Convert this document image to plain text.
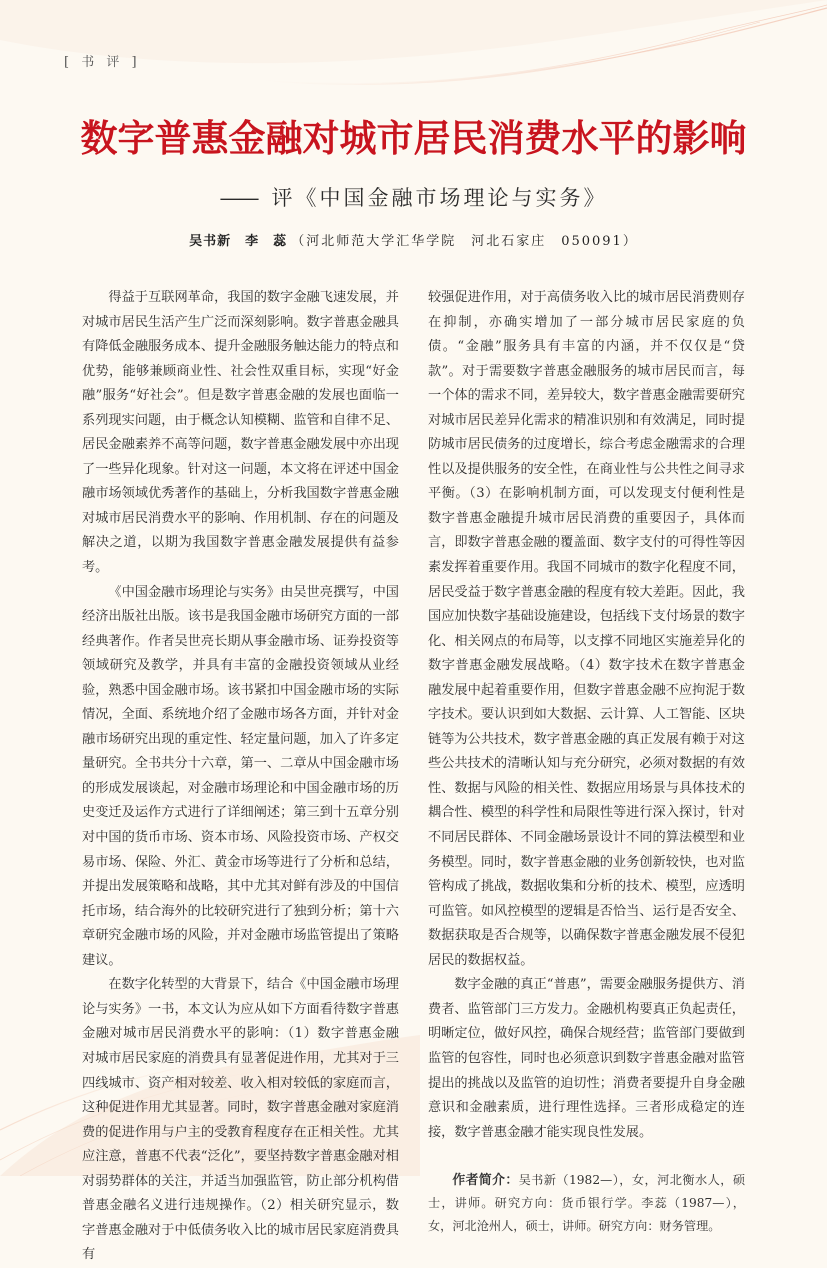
[ 书 评 ]
数字普惠金融对城市居民消费水平的影响
—— 评《中国金融市场理论与实务》
吴书新　李　蕊 （河北师范大学汇华学院　河北石家庄　050091）

得益于互联网革命，我国的数字金融飞速发展，并对城市居民生活产生广泛而深刻影响。数字普惠金融具有降低金融服务成本、提升金融服务触达能力的特点和优势，能够兼顾商业性、社会性双重目标，实现“好金融”服务“好社会”。但是数字普惠金融的发展也面临一系列现实问题，由于概念认知模糊、监管和自律不足、居民金融素养不高等问题，数字普惠金融发展中亦出现了一些异化现象。针对这一问题，本文将在评述中国金融市场领域优秀著作的基础上，分析我国数字普惠金融对城市居民消费水平的影响、作用机制、存在的问题及解决之道，以期为我国数字普惠金融发展提供有益参考。

《中国金融市场理论与实务》由吴世亮撰写，中国经济出版社出版。该书是我国金融市场研究方面的一部经典著作。作者吴世亮长期从事金融市场、证券投资等领域研究及教学，并具有丰富的金融投资领域从业经验，熟悉中国金融市场。该书紧扣中国金融市场的实际情况，全面、系统地介绍了金融市场各方面，并针对金融市场研究出现的重定性、轻定量问题，加入了许多定量研究。全书共分十六章，第一、二章从中国金融市场的形成发展谈起，对金融市场理论和中国金融市场的历史变迁及运作方式进行了详细阐述；第三到十五章分别对中国的货币市场、资本市场、风险投资市场、产权交易市场、保险、外汇、黄金市场等进行了分析和总结，并提出发展策略和战略，其中尤其对鲜有涉及的中国信托市场，结合海外的比较研究进行了独到分析；第十六章研究金融市场的风险，并对金融市场监管提出了策略建议。

在数字化转型的大背景下，结合《中国金融市场理论与实务》一书，本文认为应从如下方面看待数字普惠金融对城市居民消费水平的影响：（1）数字普惠金融对城市居民家庭的消费具有显著促进作用，尤其对于三四线城市、资产相对较差、收入相对较低的家庭而言，这种促进作用尤其显著。同时，数字普惠金融对家庭消费的促进作用与户主的受教育程度存在正相关性。尤其应注意，普惠不代表“泛化”，要坚持数字普惠金融对相对弱势群体的关注，并适当加强监管，防止部分机构借普惠金融名义进行违规操作。（2）相关研究显示，数字普惠金融对于中低债务收入比的城市居民家庭消费具有

较强促进作用，对于高债务收入比的城市居民消费则存在抑制，亦确实增加了一部分城市居民家庭的负债。“金融”服务具有丰富的内涵，并不仅仅是“贷款”。对于需要数字普惠金融服务的城市居民而言，每一个体的需求不同，差异较大，数字普惠金融需要研究对城市居民差异化需求的精准识别和有效满足，同时提防城市居民债务的过度增长，综合考虑金融需求的合理性以及提供服务的安全性，在商业性与公共性之间寻求平衡。（3）在影响机制方面，可以发现支付便利性是数字普惠金融提升城市居民消费的重要因子，具体而言，即数字普惠金融的覆盖面、数字支付的可得性等因素发挥着重要作用。我国不同城市的数字化程度不同，居民受益于数字普惠金融的程度有较大差距。因此，我国应加快数字基础设施建设，包括线下支付场景的数字化、相关网点的布局等，以支撑不同地区实施差异化的数字普惠金融发展战略。（4）数字技术在数字普惠金融发展中起着重要作用，但数字普惠金融不应拘泥于数字技术。要认识到如大数据、云计算、人工智能、区块链等为公共技术，数字普惠金融的真正发展有赖于对这些公共技术的清晰认知与充分研究，必须对数据的有效性、数据与风险的相关性、数据应用场景与具体技术的耦合性、模型的科学性和局限性等进行深入探讨，针对不同居民群体、不同金融场景设计不同的算法模型和业务模型。同时，数字普惠金融的业务创新较快，也对监管构成了挑战，数据收集和分析的技术、模型，应透明可监管。如风控模型的逻辑是否恰当、运行是否安全、数据获取是否合规等，以确保数字普惠金融发展不侵犯居民的数据权益。

数字金融的真正“普惠”，需要金融服务提供方、消费者、监管部门三方发力。金融机构要真正负起责任，明晰定位，做好风控，确保合规经营；监管部门要做到监管的包容性，同时也必须意识到数字普惠金融对监管提出的挑战以及监管的迫切性；消费者要提升自身金融意识和金融素质，进行理性选择。三者形成稳定的连接，数字普惠金融才能实现良性发展。

作者简介：吴书新（1982—），女，河北衡水人，硕士，讲师。研究方向：货币银行学。李蕊（1987—），女，河北沧州人，硕士，讲师。研究方向：财务管理。
